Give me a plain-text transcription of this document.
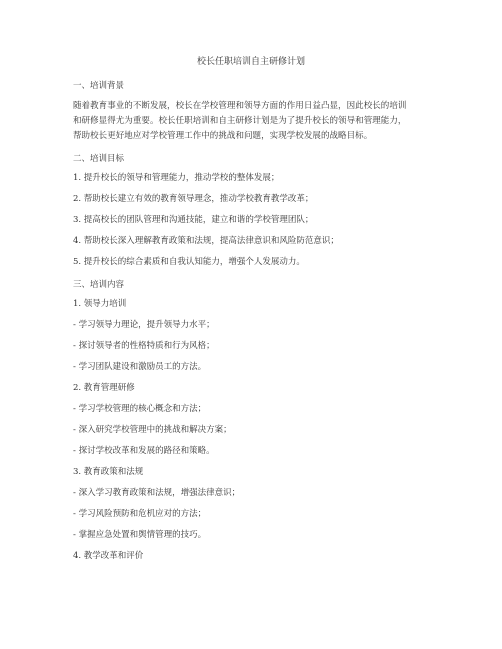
校长任职培训自主研修计划
一、培训背景
随着教育事业的不断发展，校长在学校管理和领导方面的作用日益凸显，因此校长的培训
和研修显得尤为重要。校长任职培训和自主研修计划是为了提升校长的领导和管理能力，
帮助校长更好地应对学校管理工作中的挑战和问题，实现学校发展的战略目标。
二、培训目标
1. 提升校长的领导和管理能力，推动学校的整体发展；
2. 帮助校长建立有效的教育领导理念，推动学校教育教学改革；
3. 提高校长的团队管理和沟通技能，建立和谐的学校管理团队；
4. 帮助校长深入理解教育政策和法规，提高法律意识和风险防范意识；
5. 提升校长的综合素质和自我认知能力，增强个人发展动力。
三、培训内容
1. 领导力培训
- 学习领导力理论，提升领导力水平；
- 探讨领导者的性格特质和行为风格；
- 学习团队建设和激励员工的方法。
2. 教育管理研修
- 学习学校管理的核心概念和方法；
- 深入研究学校管理中的挑战和解决方案；
- 探讨学校改革和发展的路径和策略。
3. 教育政策和法规
- 深入学习教育政策和法规，增强法律意识；
- 学习风险预防和危机应对的方法；
- 掌握应急处置和舆情管理的技巧。
4. 教学改革和评价
